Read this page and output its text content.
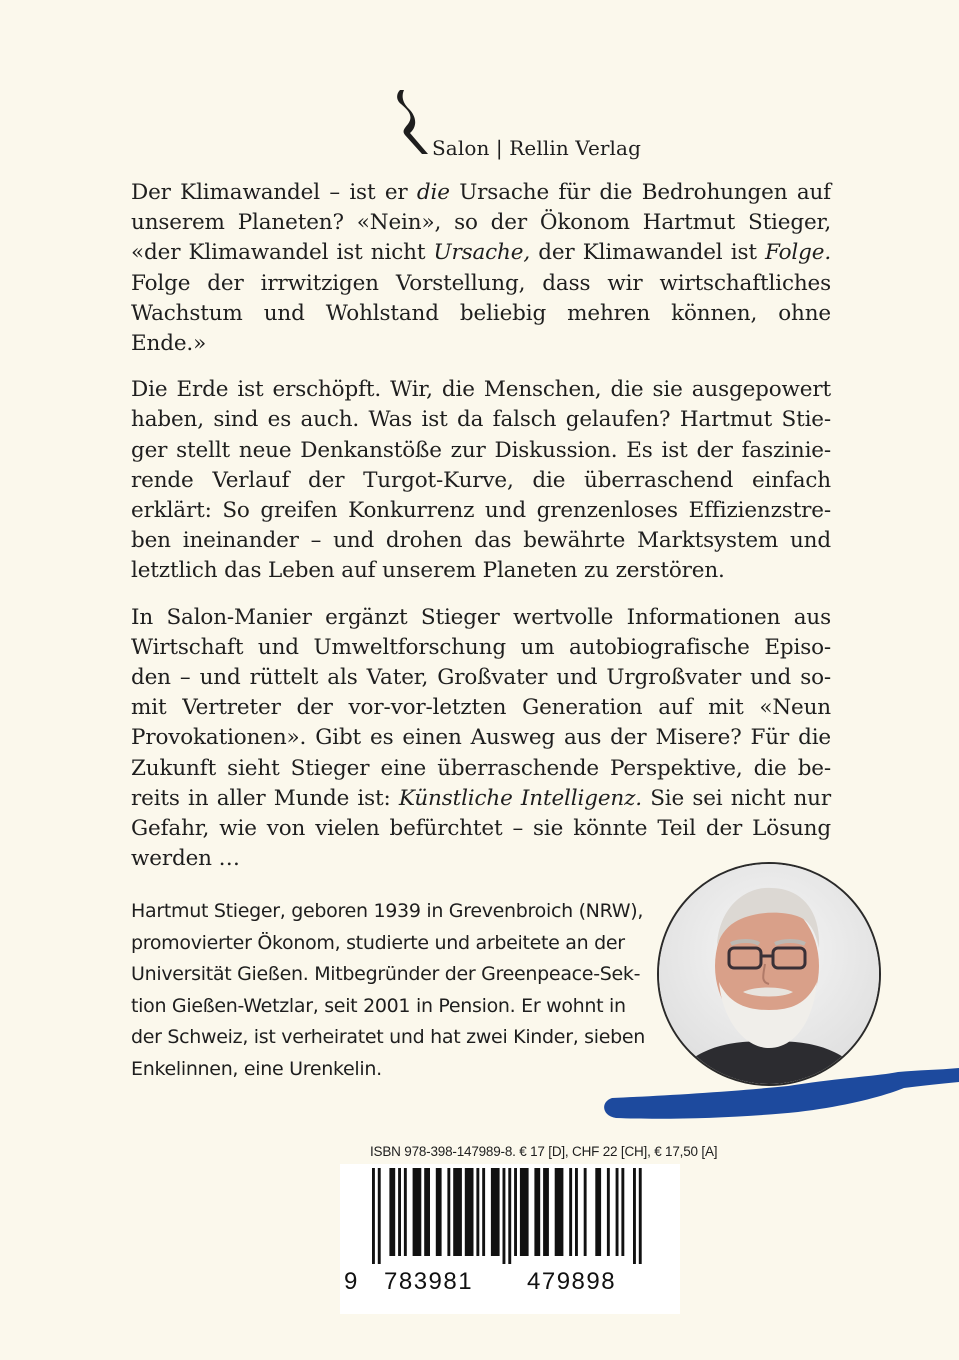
Salon | Rellin Verlag

Der Klimawandel – ist er die Ursache für die Bedrohungen auf
unserem Planeten? «Nein», so der Ökonom Hartmut Stieger,
«der Klimawandel ist nicht Ursache, der Klimawandel ist Folge.
Folge der irrwitzigen Vorstellung, dass wir wirtschaftliches
Wachstum und Wohlstand beliebig mehren können, ohne
Ende.»

Die Erde ist erschöpft. Wir, die Menschen, die sie ausgepowert
haben, sind es auch. Was ist da falsch gelaufen? Hartmut Stie-
ger stellt neue Denkanstöße zur Diskussion. Es ist der faszinie-
rende Verlauf der Turgot-Kurve, die überraschend einfach
erklärt: So greifen Konkurrenz und grenzenloses Effizienzstre-
ben ineinander – und drohen das bewährte Marktsystem und
letztlich das Leben auf unserem Planeten zu zerstören.

In Salon-Manier ergänzt Stieger wertvolle Informationen aus
Wirtschaft und Umweltforschung um autobiografische Episo-
den – und rüttelt als Vater, Großvater und Urgroßvater und so-
mit Vertreter der vor-vor-letzten Generation auf mit «Neun
Provokationen». Gibt es einen Ausweg aus der Misere? Für die
Zukunft sieht Stieger eine überraschende Perspektive, die be-
reits in aller Munde ist: Künstliche Intelligenz. Sie sei nicht nur
Gefahr, wie von vielen befürchtet – sie könnte Teil der Lösung
werden …

Hartmut Stieger, geboren 1939 in Grevenbroich (NRW),
promovierter Ökonom, studierte und arbeitete an der
Universität Gießen. Mitbegründer der Greenpeace-Sek-
tion Gießen-Wetzlar, seit 2001 in Pension. Er wohnt in
der Schweiz, ist verheiratet und hat zwei Kinder, sieben
Enkelinnen, eine Urenkelin.
ISBN 978-398-147989-8. € 17 [D], CHF 22 [CH], € 17,50 [A]
9 783981 479898
